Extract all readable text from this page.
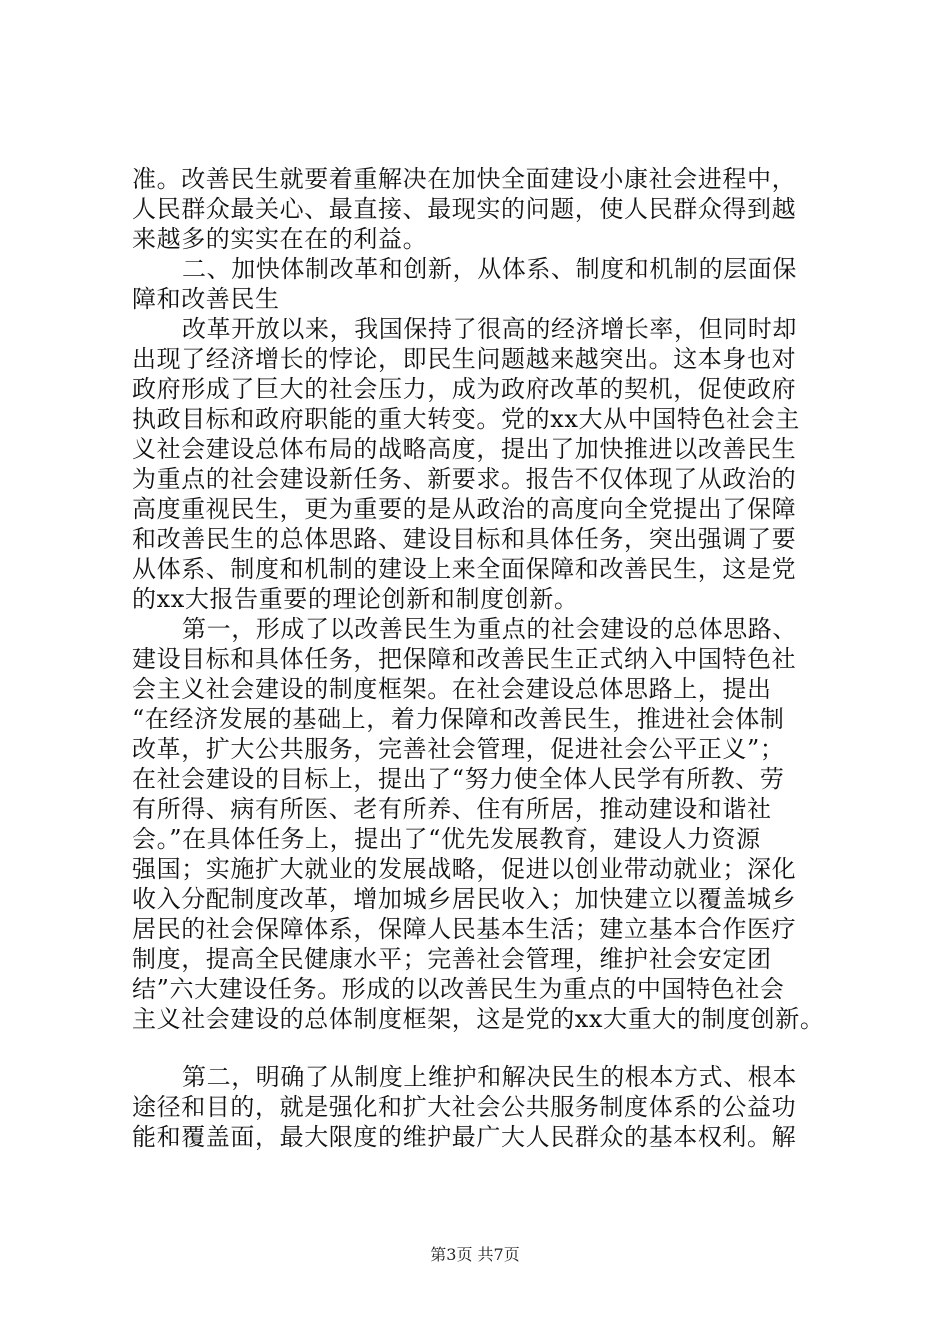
准。改善民生就要着重解决在加快全面建设小康社会进程中，
人民群众最关心、最直接、最现实的问题，使人民群众得到越
来越多的实实在在的利益。
二、加快体制改革和创新，从体系、制度和机制的层面保
障和改善民生
改革开放以来，我国保持了很高的经济增长率，但同时却
出现了经济增长的悖论，即民生问题越来越突出。这本身也对
政府形成了巨大的社会压力，成为政府改革的契机，促使政府
执政目标和政府职能的重大转变。党的xx大从中国特色社会主
义社会建设总体布局的战略高度，提出了加快推进以改善民生
为重点的社会建设新任务、新要求。报告不仅体现了从政治的
高度重视民生，更为重要的是从政治的高度向全党提出了保障
和改善民生的总体思路、建设目标和具体任务，突出强调了要
从体系、制度和机制的建设上来全面保障和改善民生，这是党
的xx大报告重要的理论创新和制度创新。
第一，形成了以改善民生为重点的社会建设的总体思路、
建设目标和具体任务，把保障和改善民生正式纳入中国特色社
会主义社会建设的制度框架。在社会建设总体思路上，提出
“在经济发展的基础上，着力保障和改善民生，推进社会体制
改革，扩大公共服务，完善社会管理，促进社会公平正义”；
在社会建设的目标上，提出了“努力使全体人民学有所教、劳
有所得、病有所医、老有所养、住有所居，推动建设和谐社
会。”在具体任务上，提出了“优先发展教育，建设人力资源
强国；实施扩大就业的发展战略，促进以创业带动就业；深化
收入分配制度改革，增加城乡居民收入；加快建立以覆盖城乡
居民的社会保障体系，保障人民基本生活；建立基本合作医疗
制度，提高全民健康水平；完善社会管理，维护社会安定团
结”六大建设任务。形成的以改善民生为重点的中国特色社会
主义社会建设的总体制度框架，这是党的xx大重大的制度创新。
第二，明确了从制度上维护和解决民生的根本方式、根本
途径和目的，就是强化和扩大社会公共服务制度体系的公益功
能和覆盖面，最大限度的维护最广大人民群众的基本权利。解
第3页 共7页
